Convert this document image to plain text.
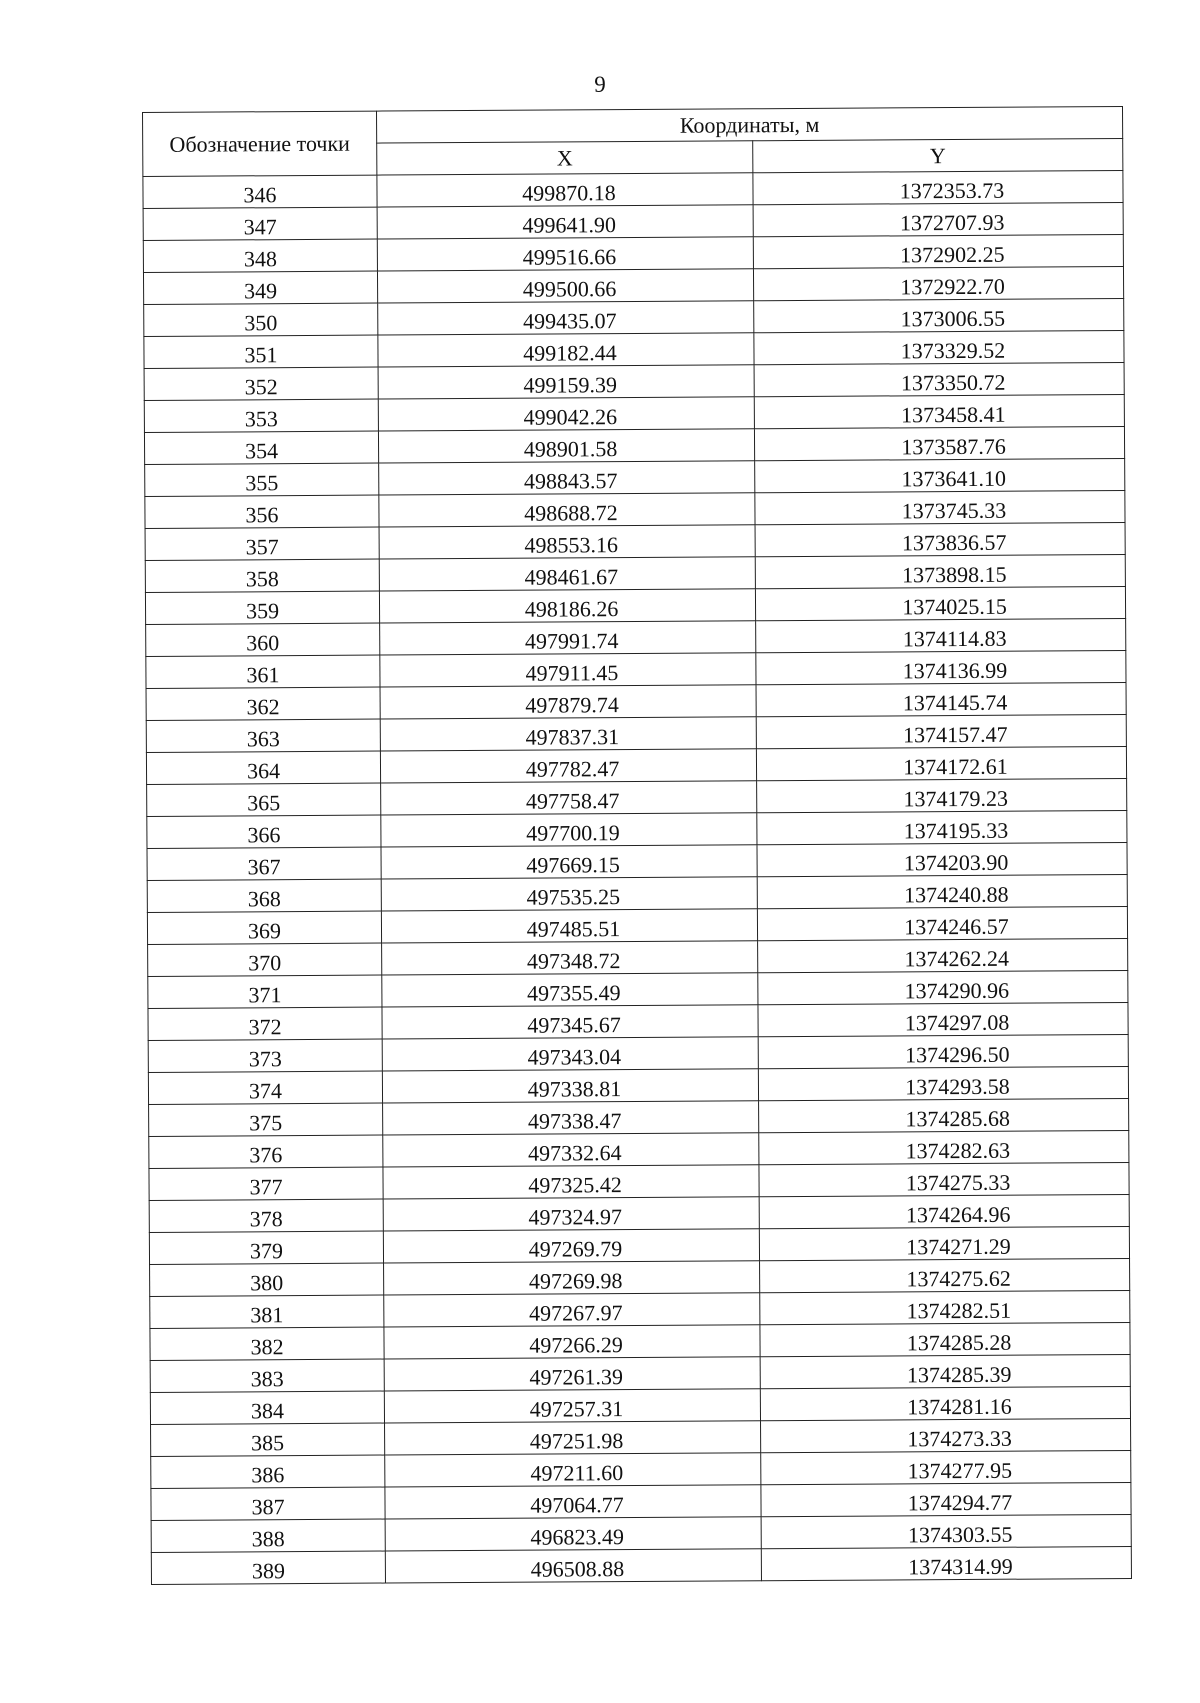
9
Обозначение точки	Координаты, м	
	X	Y
346	499870.18	1372353.73
347	499641.90	1372707.93
348	499516.66	1372902.25
349	499500.66	1372922.70
350	499435.07	1373006.55
351	499182.44	1373329.52
352	499159.39	1373350.72
353	499042.26	1373458.41
354	498901.58	1373587.76
355	498843.57	1373641.10
356	498688.72	1373745.33
357	498553.16	1373836.57
358	498461.67	1373898.15
359	498186.26	1374025.15
360	497991.74	1374114.83
361	497911.45	1374136.99
362	497879.74	1374145.74
363	497837.31	1374157.47
364	497782.47	1374172.61
365	497758.47	1374179.23
366	497700.19	1374195.33
367	497669.15	1374203.90
368	497535.25	1374240.88
369	497485.51	1374246.57
370	497348.72	1374262.24
371	497355.49	1374290.96
372	497345.67	1374297.08
373	497343.04	1374296.50
374	497338.81	1374293.58
375	497338.47	1374285.68
376	497332.64	1374282.63
377	497325.42	1374275.33
378	497324.97	1374264.96
379	497269.79	1374271.29
380	497269.98	1374275.62
381	497267.97	1374282.51
382	497266.29	1374285.28
383	497261.39	1374285.39
384	497257.31	1374281.16
385	497251.98	1374273.33
386	497211.60	1374277.95
387	497064.77	1374294.77
388	496823.49	1374303.55
389	496508.88	1374314.99
